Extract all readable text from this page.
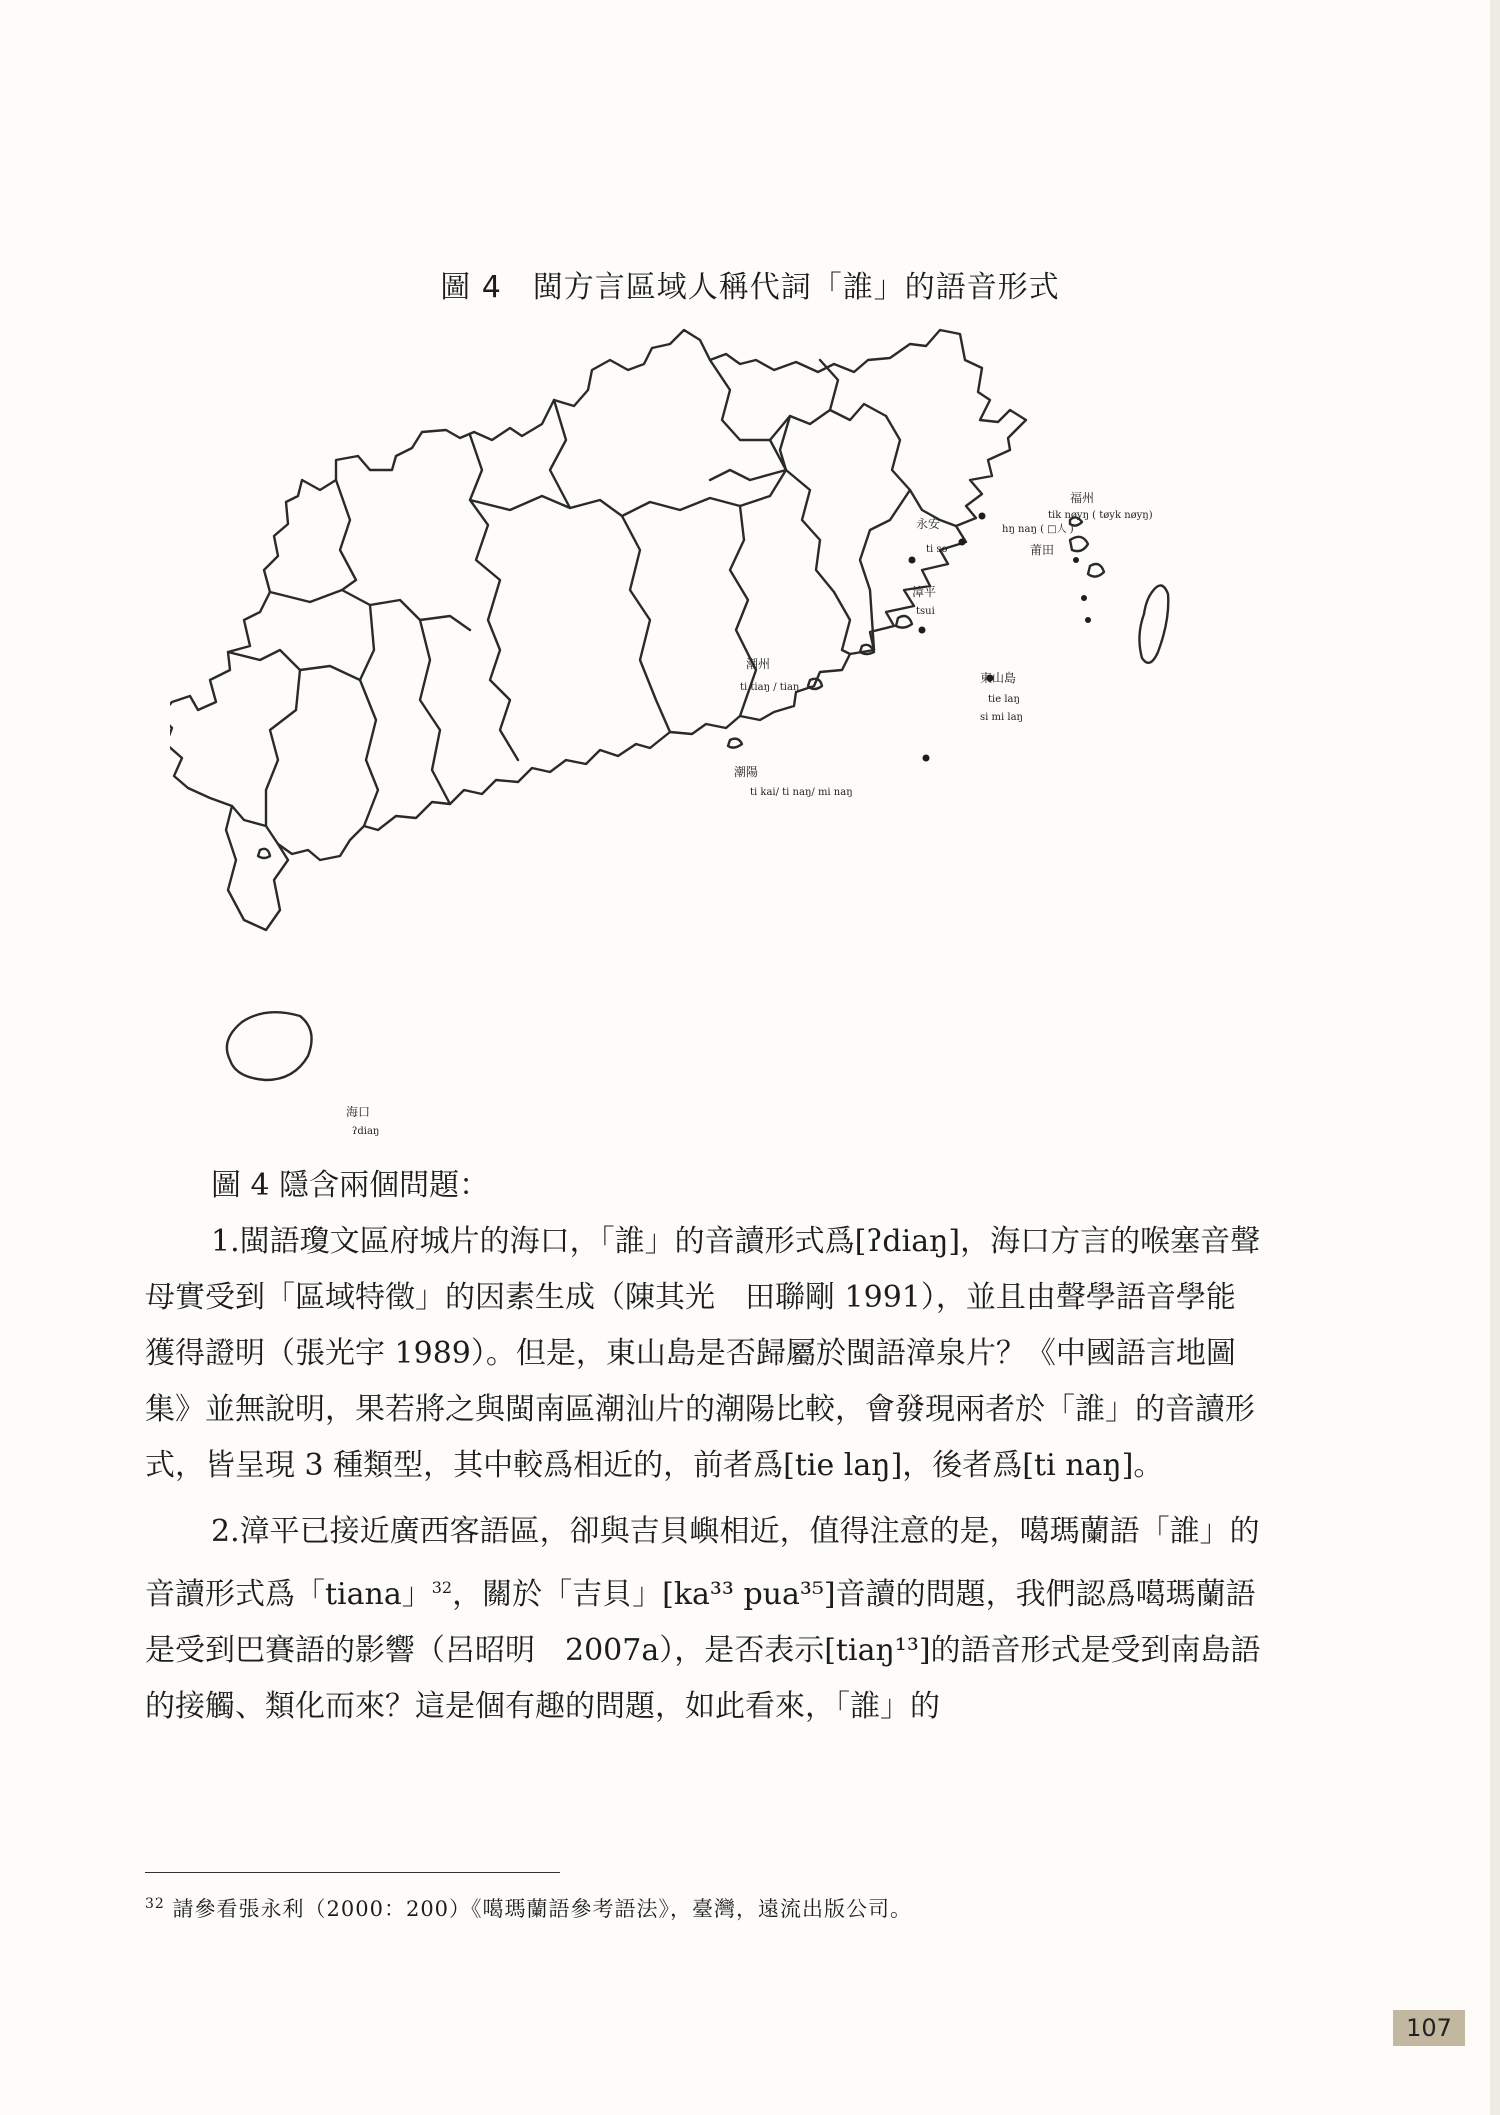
圖 4　閩方言區域人稱代詞「誰」的語音形式
福州
tik nøyŋ ( tøyk nøyŋ)
hŋ naŋ ( □人 )
莆田
永安
ti so
漳平
tsui
潮州
ti tiaŋ / tiaŋ
東山島
tie laŋ
si mi laŋ
潮陽
ti kai/ ti naŋ/ mi naŋ
海口
ʔdiaŋ

圖 4 隱含兩個問題：

1.閩語瓊文區府城片的海口，「誰」的音讀形式爲[ʔdiaŋ]，海口方言的喉塞音聲母實受到「區域特徵」的因素生成（陳其光　田聯剛 1991），並且由聲學語音學能獲得證明（張光宇 1989）。但是，東山島是否歸屬於閩語漳泉片？《中國語言地圖集》並無說明，果若將之與閩南區潮汕片的潮陽比較，會發現兩者於「誰」的音讀形式，皆呈現 3 種類型，其中較爲相近的，前者爲[tie laŋ]，後者爲[ti naŋ]。

2.漳平已接近廣西客語區，卻與吉貝嶼相近，值得注意的是，噶瑪蘭語「誰」的音讀形式爲「tiana」$^{32}$，關於「吉貝」[ka³³ pua³⁵]音讀的問題，我們認爲噶瑪蘭語是受到巴賽語的影響（呂昭明　2007a），是否表示[tiaŋ¹³]的語音形式是受到南島語的接觸、類化而來？這是個有趣的問題，如此看來，「誰」的

$^{32}$ 請參看張永利（2000：200）《噶瑪蘭語參考語法》，臺灣，遠流出版公司。
107
